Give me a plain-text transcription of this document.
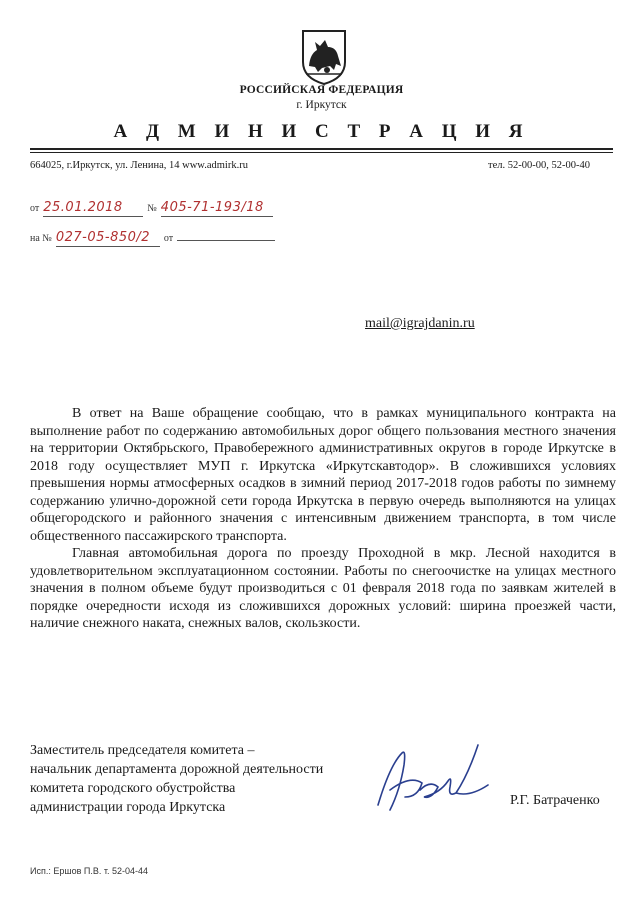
РОССИЙСКАЯ ФЕДЕРАЦИЯ
г. Иркутск
А Д М И Н И С Т Р А Ц И Я
664025, г.Иркутск, ул. Ленина, 14 www.admirk.ru	тел. 52-00-00, 52-00-40
от 25.01.2018 № 405-71-193/18
на № 027-05-850/2 от
mail@igrajdanin.ru

В ответ на Ваше обращение сообщаю, что в рамках муниципального контракта на выполнение работ по содержанию автомобильных дорог общего пользования местного значения на территории Октябрьского, Правобережного административных округов в городе Иркутске в 2018 году осуществляет МУП г. Иркутска «Иркутскавтодор». В сложившихся условиях превышения нормы атмосферных осадков в зимний период 2017-2018 годов работы по зимнему содержанию улично-дорожной сети города Иркутска в первую очередь выполняются на улицах общегородского и районного значения с интенсивным движением транспорта, в том числе общественного пассажирского транспорта.

Главная автомобильная дорога по проезду Проходной в мкр. Лесной находится в удовлетворительном эксплуатационном состоянии. Работы по снегоочистке на улицах местного значения в полном объеме будут производиться с 01 февраля 2018 года по заявкам жителей в порядке очередности исходя из сложившихся дорожных условий: ширина проезжей части, наличие снежного наката, снежных валов, скользкости.

Заместитель председателя комитета –
начальник департамента дорожной деятельности
комитета городского обустройства
администрации города Иркутска	Р.Г. Батраченко
Исп.: Ершов П.В. т. 52-04-44
